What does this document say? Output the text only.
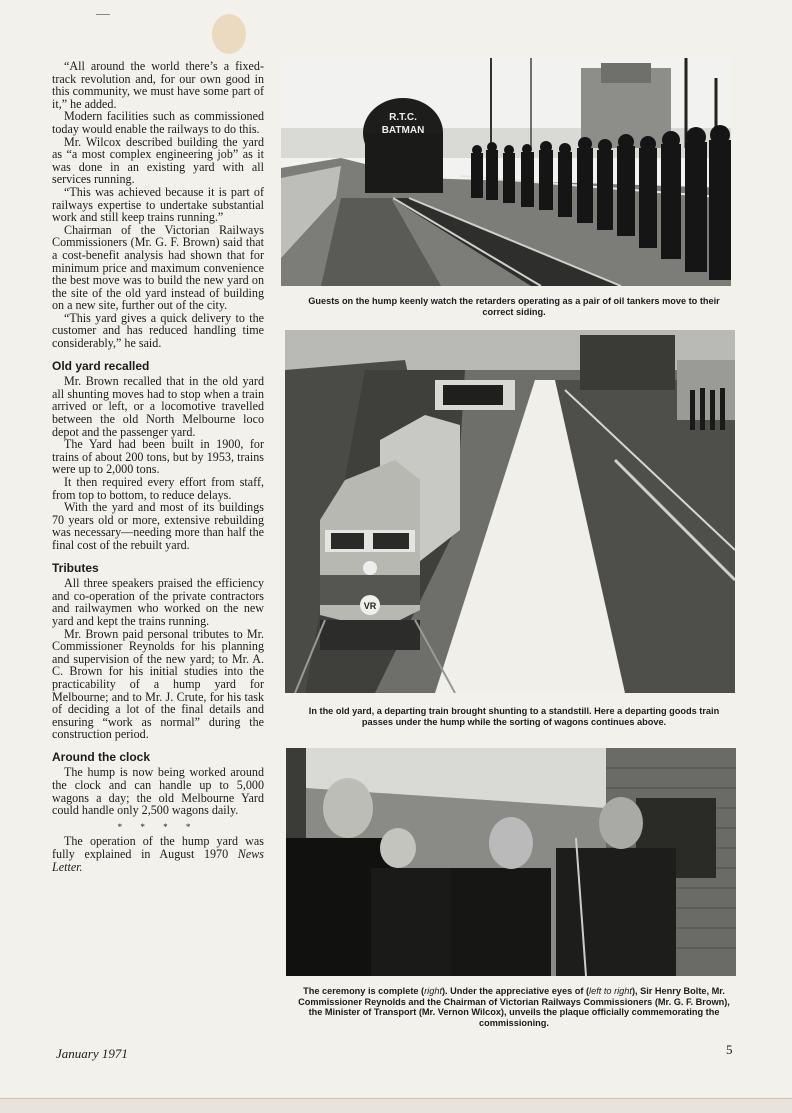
“All around the world there’s a fixed-track revolution and, for our own good in this community, we must have some part of it,” he added.

Modern facilities such as commissioned today would enable the railways to do this.

Mr. Wilcox described building the yard as “a most complex engineering job” as it was done in an existing yard with all services running.

“This was achieved because it is part of railways expertise to undertake substantial work and still keep trains running.”

Chairman of the Victorian Railways Commissioners (Mr. G. F. Brown) said that a cost-benefit analysis had shown that for minimum price and maximum convenience the best move was to build the new yard on the site of the old yard instead of building on a new site, further out of the city.

“This yard gives a quick delivery to the customer and has reduced handling time considerably,” he said.

Old yard recalled

Mr. Brown recalled that in the old yard all shunting moves had to stop when a train arrived or left, or a locomotive travelled between the old North Melbourne loco depot and the passenger yard.

The Yard had been built in 1900, for trains of about 200 tons, but by 1953, trains were up to 2,000 tons.

It then required every effort from staff, from top to bottom, to reduce delays.

With the yard and most of its buildings 70 years old or more, extensive rebuilding was necessary—needing more than half the final cost of the rebuilt yard.

Tributes

All three speakers praised the efficiency and co-operation of the private contractors and railwaymen who worked on the new yard and kept the trains running.

Mr. Brown paid personal tributes to Mr. Commissioner Reynolds for his planning and supervision of the new yard; to Mr. A. C. Brown for his initial studies into the practicability of a hump yard for Melbourne; and to Mr. J. Crute, for his task of deciding a lot of the final details and ensuring “work as normal” during the construction period.

Around the clock

The hump is now being worked around the clock and can handle up to 5,000 wagons a day; the old Melbourne Yard could handle only 2,500 wagons daily.

* * * *

The operation of the hump yard was fully explained in August 1970 News Letter.

R.T.C.
BATMAN
Guests on the hump keenly watch the retarders operating as a pair of oil tankers move to their correct siding.
VR
In the old yard, a departing train brought shunting to a standstill. Here a departing goods train passes under the hump while the sorting of wagons continues above.
The ceremony is complete (right). Under the appreciative eyes of (left to right), Sir Henry Bolte, Mr. Commissioner Reynolds and the Chairman of Victorian Railways Commissioners (Mr. G. F. Brown), the Minister of Transport (Mr. Vernon Wilcox), unveils the plaque officially commemorating the commissioning.
January 1971	5
